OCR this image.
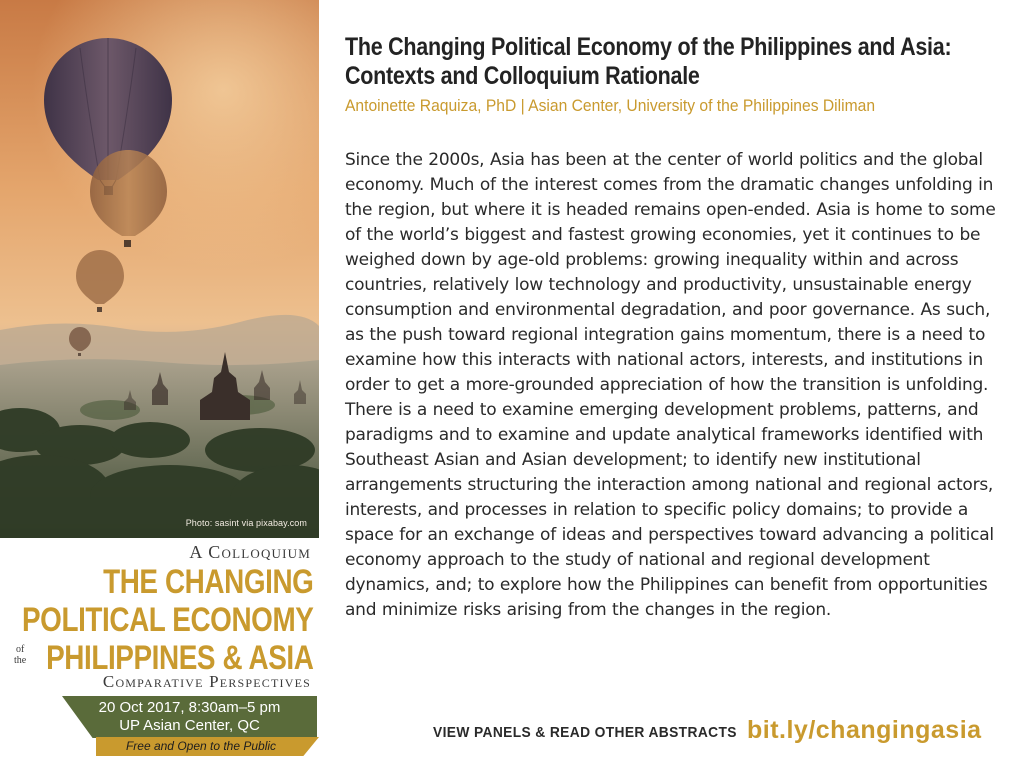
Photo: sasint via pixabay.com
A Colloquium
THE CHANGING
POLITICAL ECONOMY
PHILIPPINES & ASIA
of
the
Comparative Perspectives
20 Oct 2017, 8:30am–5 pm
UP Asian Center, QC
Free and Open to the Public
The Changing Political Economy of the Philippines and Asia:
Contexts and Colloquium Rationale
Antoinette Raquiza, PhD | Asian Center, University of the Philippines Diliman

Since the 2000s, Asia has been at the center of world politics and the global economy. Much of the interest comes from the dramatic changes unfolding in the region, but where it is headed remains open-ended. Asia is home to some of the world’s biggest and fastest growing economies, yet it continues to be weighed down by age-old problems: growing inequality within and across countries, relatively low technology and productivity, unsustainable energy consumption and environmental degradation, and poor governance. As such, as the push toward regional integration gains momentum, there is a need to examine how this interacts with national actors, interests, and institutions in order to get a more-grounded appreciation of how the transition is unfolding. There is a need to examine emerging development problems, patterns, and paradigms and to examine and update analytical frameworks identified with Southeast Asian and Asian development; to identify new institutional arrangements structuring the interaction among national and regional actors, interests, and processes in relation to specific policy domains; to provide a space for an exchange of ideas and perspectives toward advancing a political economy approach to the study of national and regional development dynamics, and; to explore how the Philippines can benefit from opportunities and minimize risks arising from the changes in the region.

VIEW PANELS & READ OTHER ABSTRACTS bit.ly/changingasia
